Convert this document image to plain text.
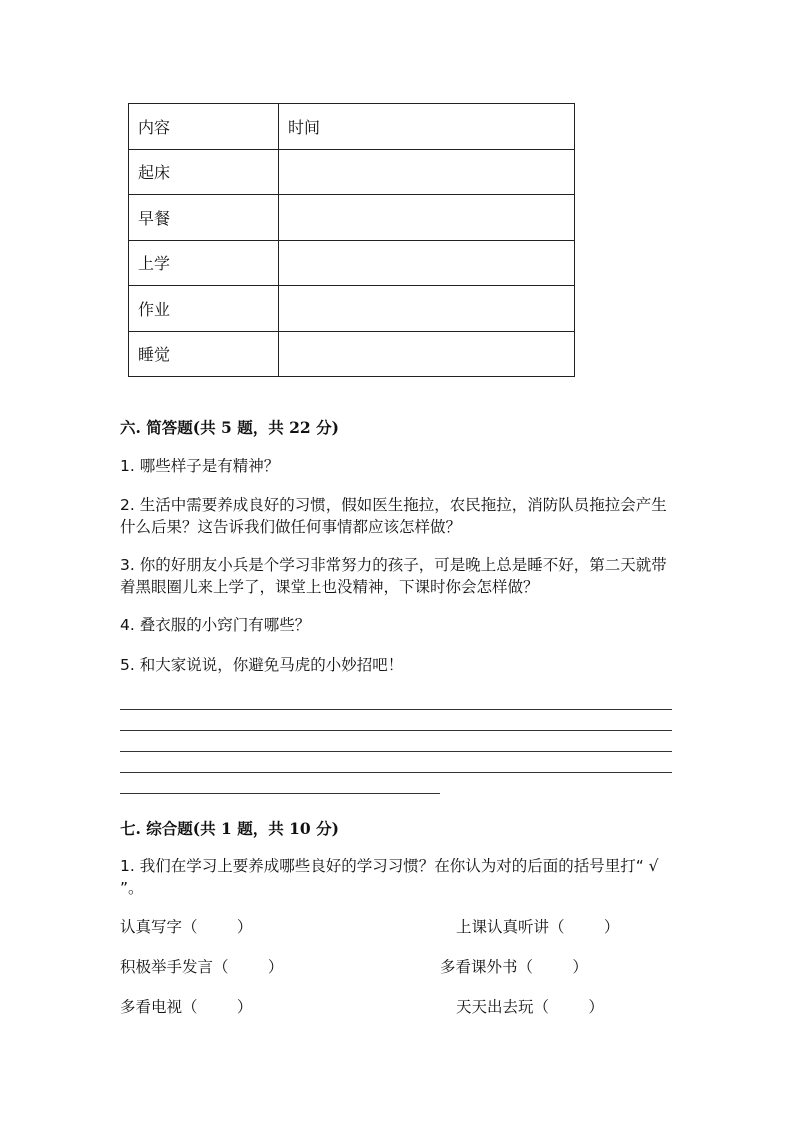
内容	时间
起床	
早餐	
上学	
作业	
睡觉	
六. 简答题(共 5 题，共 22 分)

1. 哪些样子是有精神？

2. 生活中需要养成良好的习惯，假如医生拖拉，农民拖拉，消防队员拖拉会产生什么后果？这告诉我们做任何事情都应该怎样做？

3. 你的好朋友小兵是个学习非常努力的孩子，可是晚上总是睡不好，第二天就带着黑眼圈儿来上学了，课堂上也没精神，下课时你会怎样做？

4. 叠衣服的小窍门有哪些？

5. 和大家说说，你避免马虎的小妙招吧！

七. 综合题(共 1 题，共 10 分)

1. 我们在学习上要养成哪些良好的学习习惯？在你认为对的后面的括号里打“ √ ”。

认真写字（        ）	上课认真听讲（        ）
积极举手发言（        ）	多看课外书（        ）
多看电视（        ）	天天出去玩（        ）
